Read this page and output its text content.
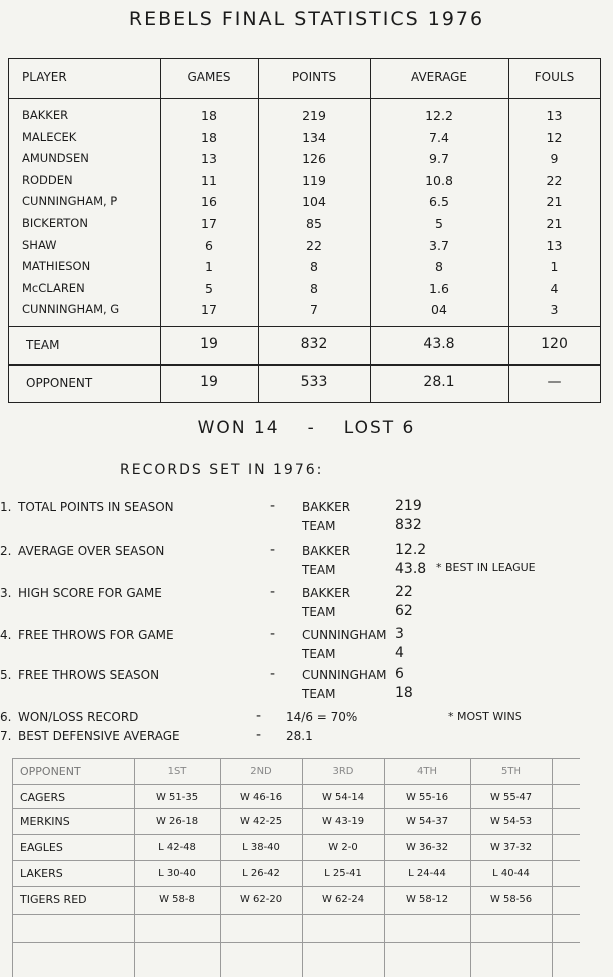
REBELS FINAL STATISTICS 1976
PLAYER	GAMES	POINTS	AVERAGE	FOULS
BAKKER	18	219	12.2	13
MALECEK	18	134	7.4	12
AMUNDSEN	13	126	9.7	9
RODDEN	11	119	10.8	22
CUNNINGHAM, P	16	104	6.5	21
BICKERTON	17	85	5	21
SHAW	6	22	3.7	13
MATHIESON	1	8	8	1
McCLAREN	5	8	1.6	4
CUNNINGHAM, G	17	7	04	3
TEAM	19	832	43.8	120
OPPONENT	19	533	28.1	—
WON 14 - LOST 6
RECORDS SET IN 1976:
1. TOTAL POINTS IN SEASON	- BAKKER	219
TEAM	832
2. AVERAGE OVER SEASON	- BAKKER	12.2
TEAM	43.8 * BEST IN LEAGUE
3. HIGH SCORE FOR GAME	- BAKKER	22
TEAM	62
4. FREE THROWS FOR GAME	- CUNNINGHAM 3
TEAM	4
5. FREE THROWS SEASON	- CUNNINGHAM 6
TEAM	18
6. WON/LOSS RECORD	- 14/6 = 70%	* MOST WINS
7. BEST DEFENSIVE AVERAGE	- 28.1
OPPONENT	1ST	2ND	3RD	4TH	5TH
CAGERS	W 51-35	W 46-16	W 54-14	W 55-16	W 55-47
MERKINS	W 26-18	W 42-25	W 43-19	W 54-37	W 54-53
EAGLES	L 42-48	L 38-40	W 2-0	W 36-32	W 37-32
LAKERS	L 30-40	L 26-42	L 25-41	L 24-44	L 40-44
TIGERS RED	W 58-8	W 62-20	W 62-24	W 58-12	W 58-56
